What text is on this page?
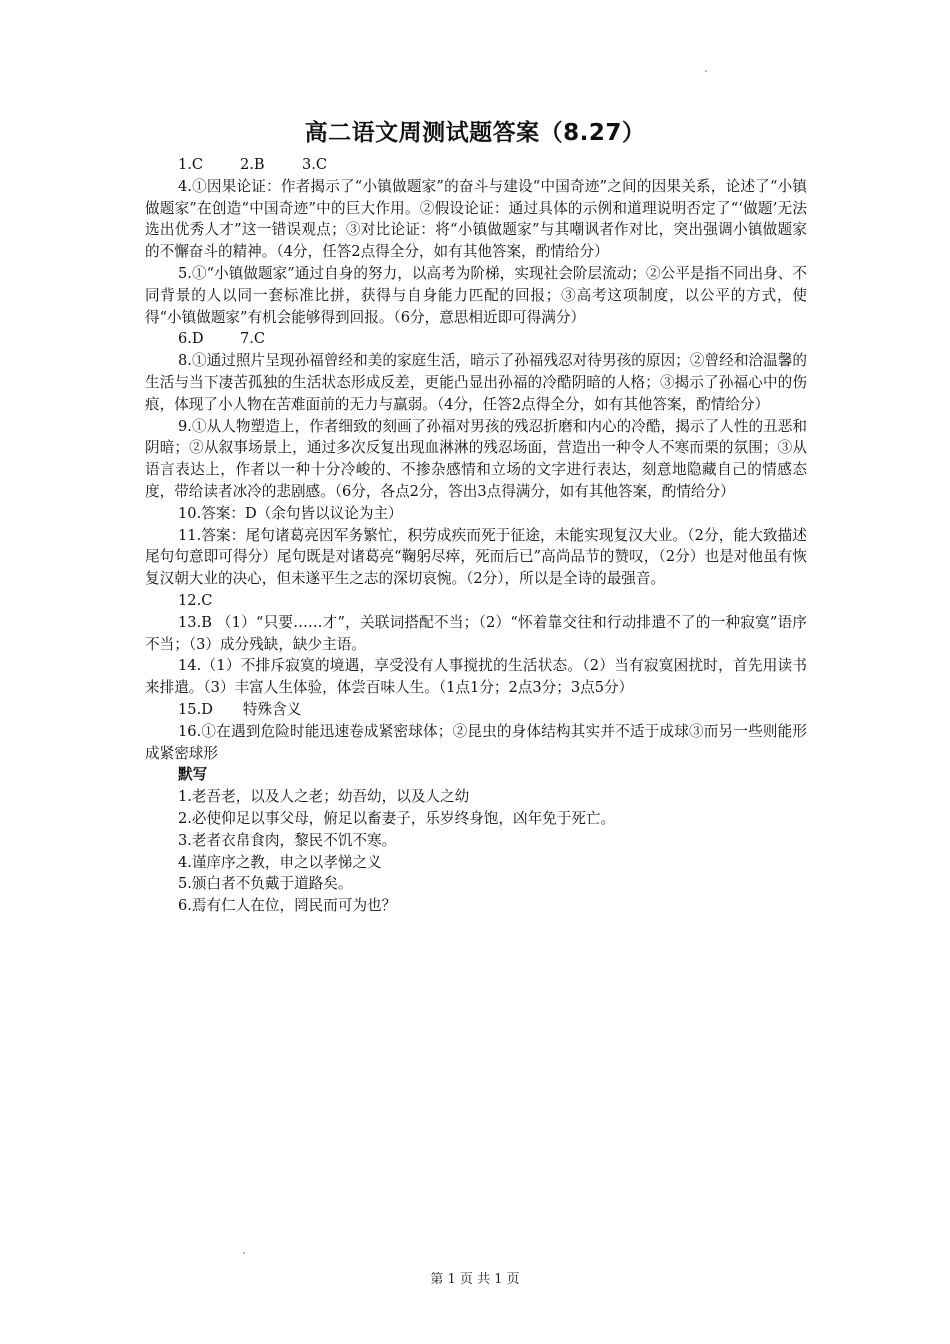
高二语文周测试题答案（8.27）

1.C	2.B	3.C

4.①因果论证：作者揭示了“小镇做题家”的奋斗与建设“中国奇迹”之间的因果关系，论述了“小镇做题家”在创造“中国奇迹”中的巨大作用。②假设论证：通过具体的示例和道理说明否定了“‘做题’无法选出优秀人才”这一错误观点；③对比论证：将“小镇做题家”与其嘲讽者作对比，突出强调小镇做题家的不懈奋斗的精神。（4分，任答2点得全分，如有其他答案，酌情给分）

5.①“小镇做题家”通过自身的努力，以高考为阶梯，实现社会阶层流动；②公平是指不同出身、不同背景的人以同一套标准比拼，获得与自身能力匹配的回报；③高考这项制度，以公平的方式，使得“小镇做题家”有机会能够得到回报。（6分，意思相近即可得满分）

6.D 7.C

8.①通过照片呈现孙福曾经和美的家庭生活，暗示了孙福残忍对待男孩的原因；②曾经和洽温馨的生活与当下凄苦孤独的生活状态形成反差，更能凸显出孙福的冷酷阴暗的人格；③揭示了孙福心中的伤痕，体现了小人物在苦难面前的无力与羸弱。（4分，任答2点得全分，如有其他答案，酌情给分）

9.①从人物塑造上，作者细致的刻画了孙福对男孩的残忍折磨和内心的冷酷，揭示了人性的丑恶和阴暗；②从叙事场景上，通过多次反复出现血淋淋的残忍场面，营造出一种令人不寒而栗的氛围；③从语言表达上，作者以一种十分冷峻的、不掺杂感情和立场的文字进行表达，刻意地隐藏自己的情感态度，带给读者冰冷的悲剧感。（6分，各点2分，答出3点得满分，如有其他答案，酌情给分）

10.答案：D（余句皆以议论为主）

11.答案：尾句诸葛亮因军务繁忙，积劳成疾而死于征途，未能实现复汉大业。（2分，能大致描述尾句句意即可得分）尾句既是对诸葛亮“鞠躬尽瘁，死而后已”高尚品节的赞叹，（2分）也是对他虽有恢复汉朝大业的决心，但未遂平生之志的深切哀惋。（2分），所以是全诗的最强音。

12.C

13.B （1）“只要……才”，关联词搭配不当；（2）“怀着靠交往和行动排遣不了的一种寂寞”语序不当；（3）成分残缺，缺少主语。

14.（1）不排斥寂寞的境遇，享受没有人事搅扰的生活状态。（2）当有寂寞困扰时，首先用读书来排遣。（3）丰富人生体验，体尝百味人生。（1点1分；2点3分；3点5分）

15.D 特殊含义

16.①在遇到危险时能迅速卷成紧密球体；②昆虫的身体结构其实并不适于成球③而另一些则能形成紧密球形

默写

1.老吾老，以及人之老；幼吾幼，以及人之幼

2.必使仰足以事父母，俯足以畜妻子，乐岁终身饱，凶年免于死亡。

3.老者衣帛食肉，黎民不饥不寒。

4.谨庠序之教，申之以孝悌之义

5.颁白者不负戴于道路矣。

6.焉有仁人在位，罔民而可为也？

第 1 页 共 1 页
